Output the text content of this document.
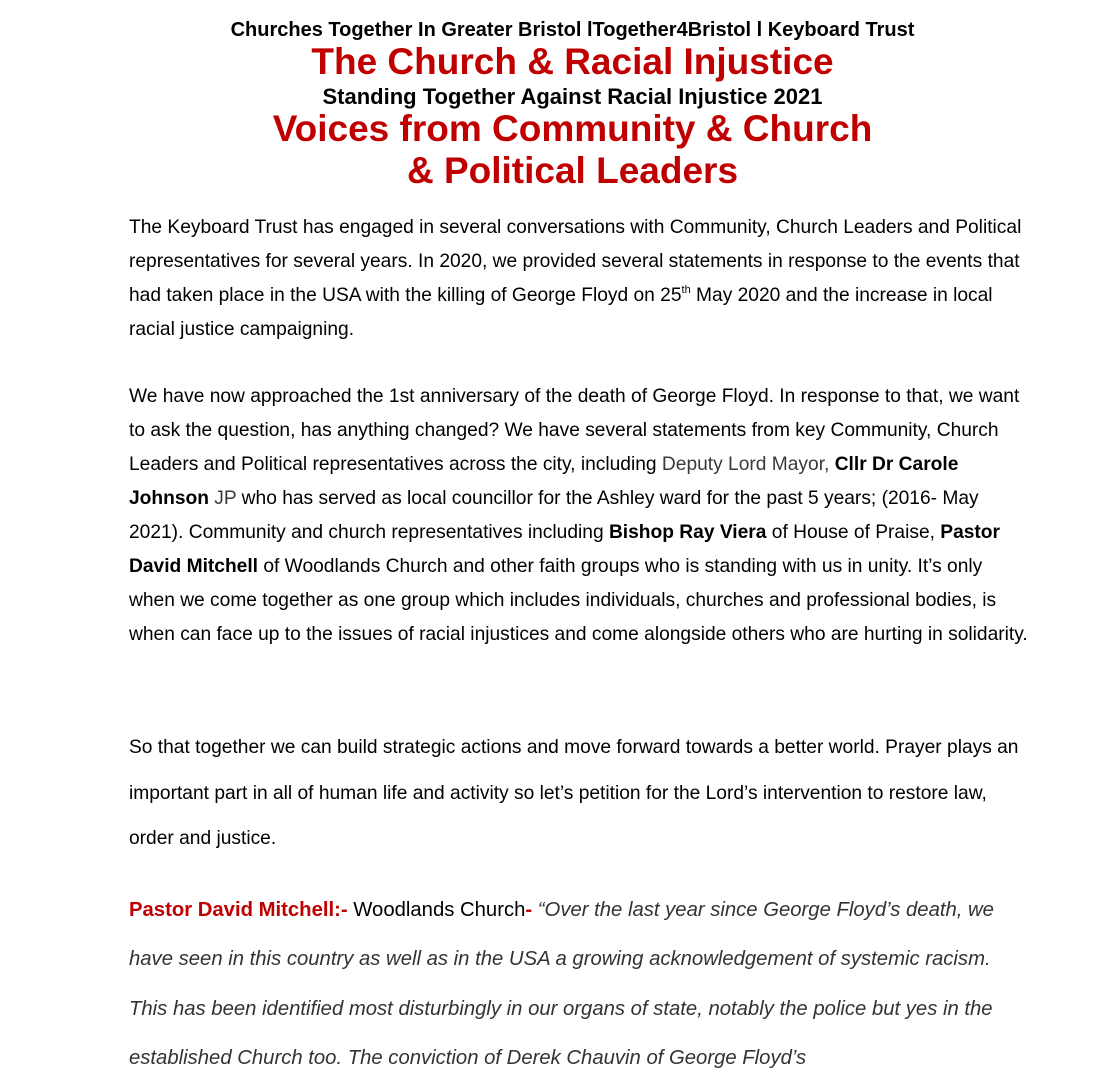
Churches Together In Greater Bristol lTogether4Bristol l Keyboard Trust

The Church & Racial Injustice

Standing Together Against Racial Injustice 2021

Voices from Community & Church
& Political Leaders

The Keyboard Trust has engaged in several conversations with Community, Church Leaders and Political representatives for several years. In 2020, we provided several statements in response to the events that had taken place in the USA with the killing of George Floyd on 25th May 2020 and the increase in local racial justice campaigning.

We have now approached the 1st anniversary of the death of George Floyd. In response to that, we want to ask the question, has anything changed? We have several statements from key Community, Church Leaders and Political representatives across the city, including Deputy Lord Mayor, Cllr Dr Carole Johnson JP who has served as local councillor for the Ashley ward for the past 5 years; (2016- May 2021). Community and church representatives including Bishop Ray Viera of House of Praise, Pastor David Mitchell of Woodlands Church and other faith groups who is standing with us in unity. It’s only when we come together as one group which includes individuals, churches and professional bodies, is when can face up to the issues of racial injustices and come alongside others who are hurting in solidarity.

So that together we can build strategic actions and move forward towards a better world. Prayer plays an important part in all of human life and activity so let’s petition for the Lord’s intervention to restore law, order and justice.

Pastor David Mitchell:- Woodlands Church- “Over the last year since George Floyd’s death, we have seen in this country as well as in the USA a growing acknowledgement of systemic racism. This has been identified most disturbingly in our organs of state, notably the police but yes in the established Church too. The conviction of Derek Chauvin of George Floyd’s
